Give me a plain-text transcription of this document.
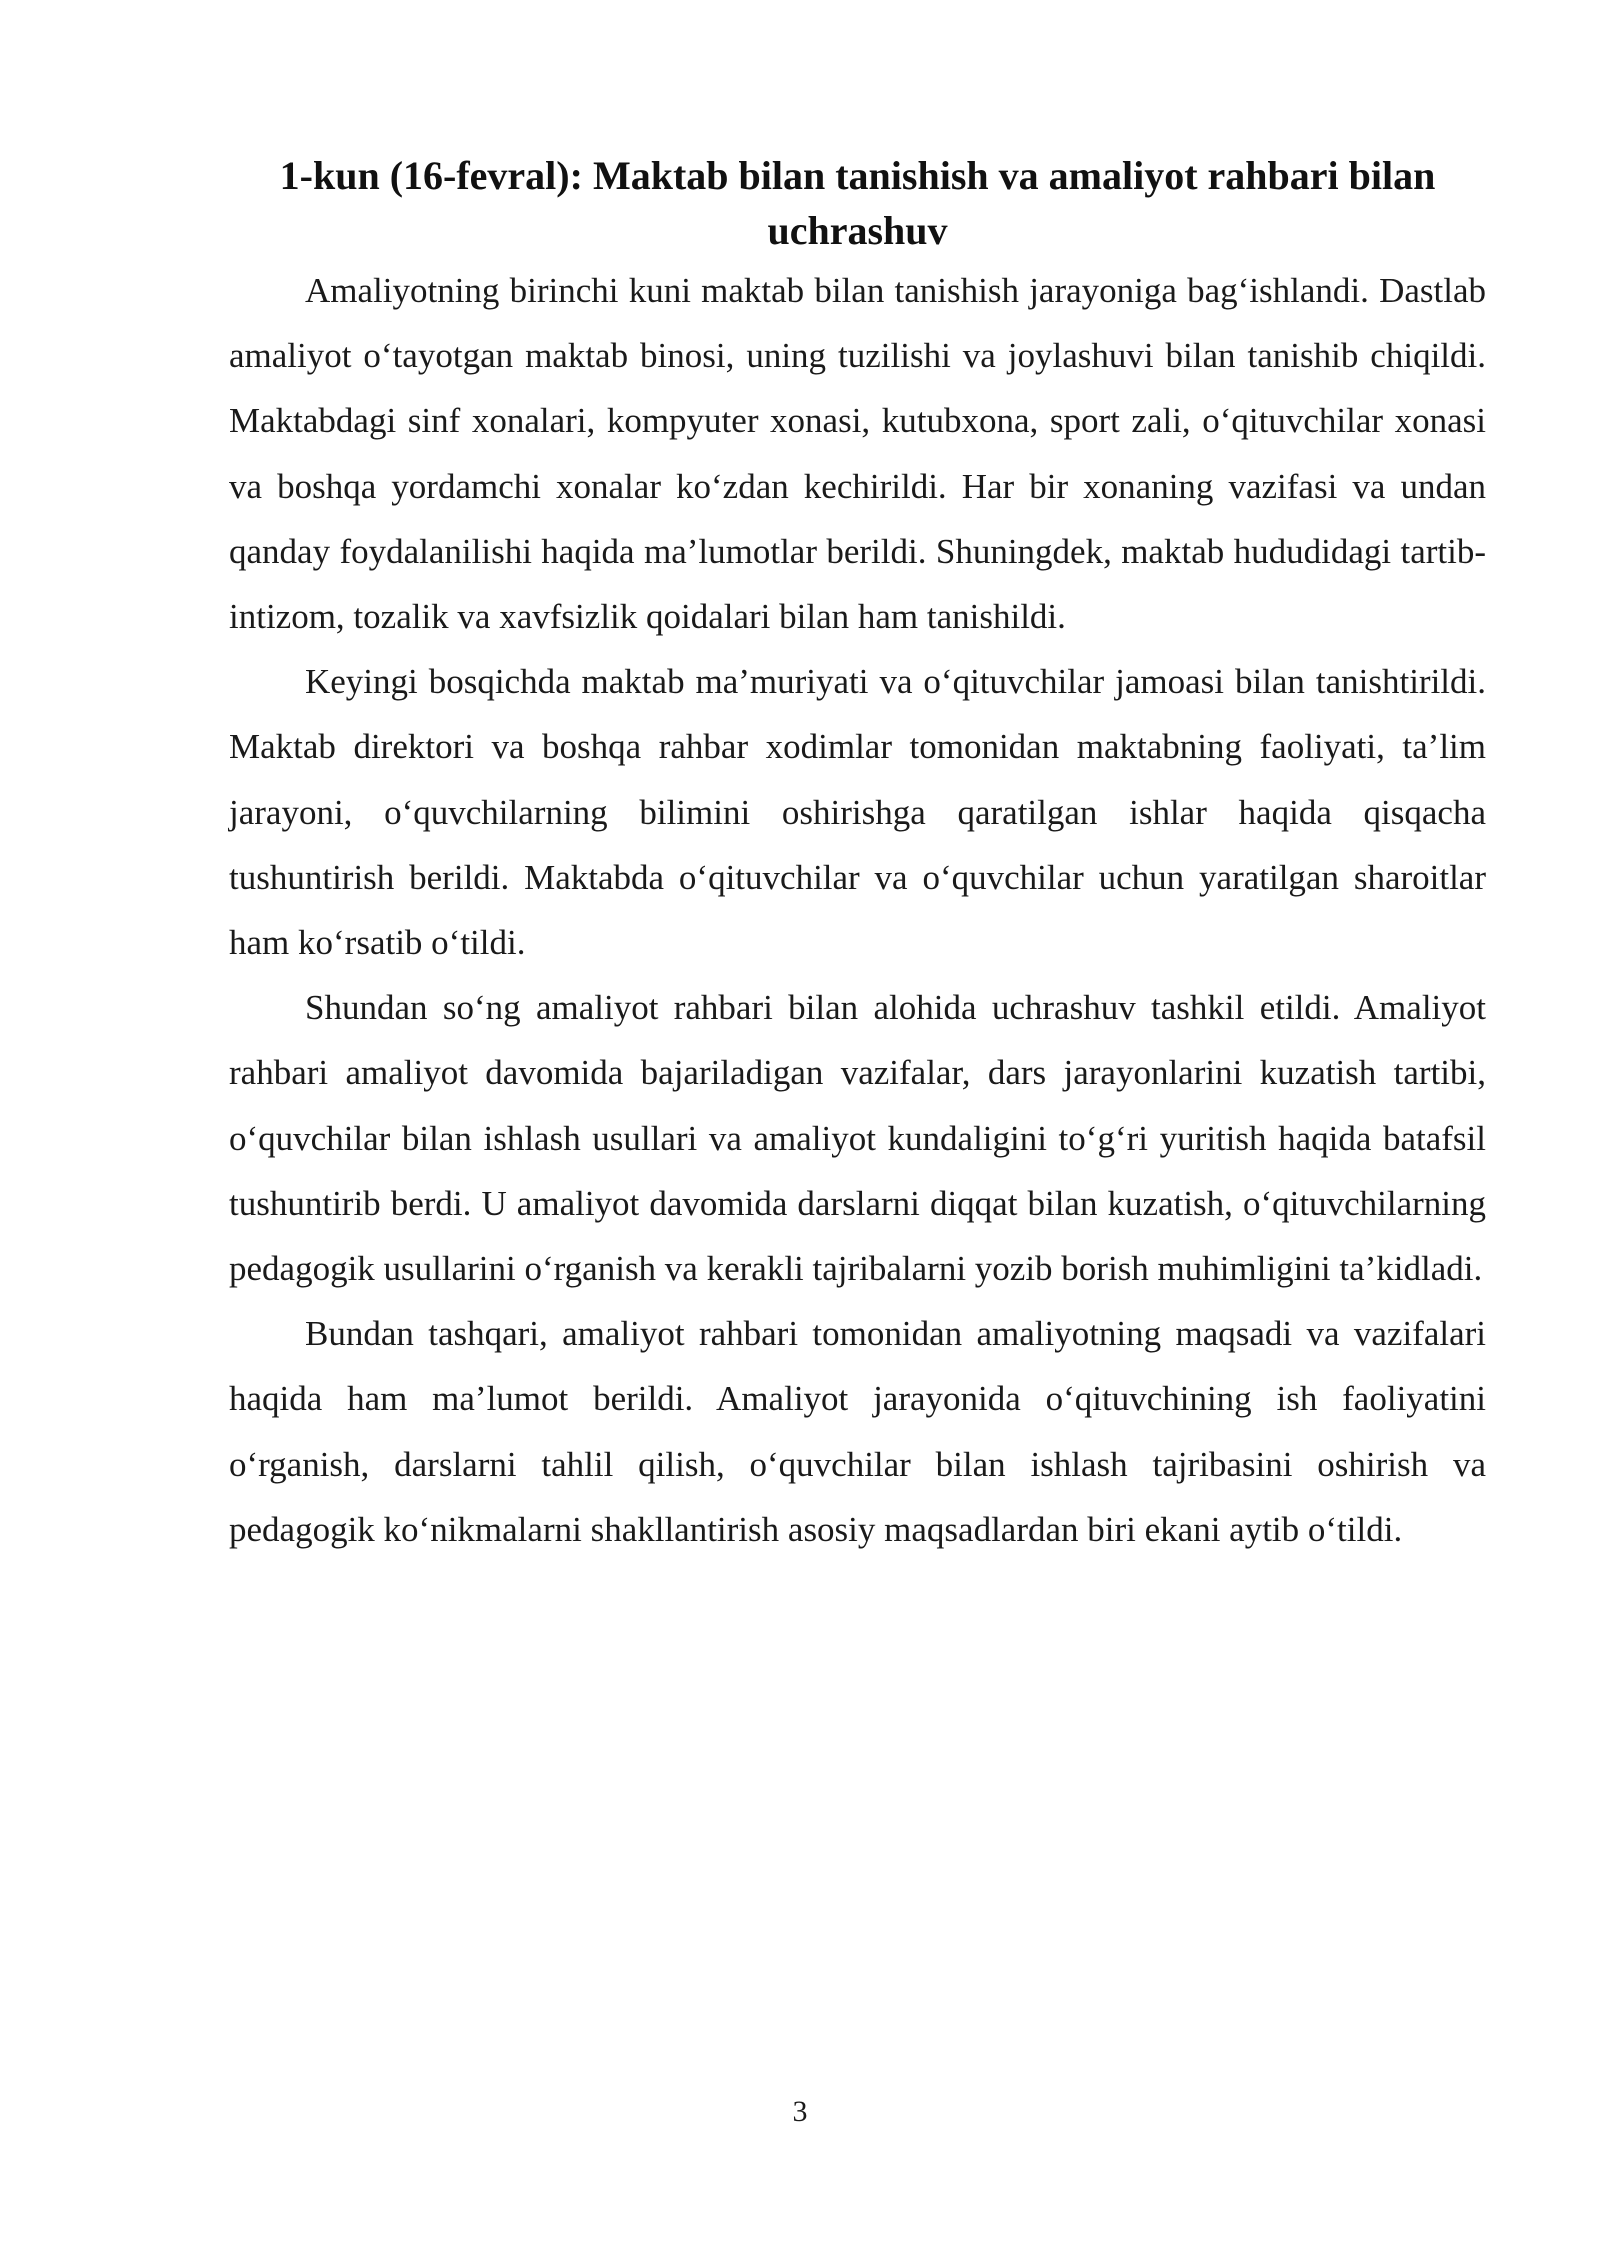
1-kun (16-fevral): Maktab bilan tanishish va amaliyot rahbari bilan uchrashuv

Amaliyotning birinchi kuni maktab bilan tanishish jarayoniga bag‘ishlandi. Dastlab amaliyot o‘tayotgan maktab binosi, uning tuzilishi va joylashuvi bilan tanishib chiqildi. Maktabdagi sinf xonalari, kompyuter xonasi, kutubxona, sport zali, o‘qituvchilar xonasi va boshqa yordamchi xonalar ko‘zdan kechirildi. Har bir xonaning vazifasi va undan qanday foydalanilishi haqida ma’lumotlar berildi. Shuningdek, maktab hududidagi tartib-intizom, tozalik va xavfsizlik qoidalari bilan ham tanishildi.

Keyingi bosqichda maktab ma’muriyati va o‘qituvchilar jamoasi bilan tanishtirildi. Maktab direktori va boshqa rahbar xodimlar tomonidan maktabning faoliyati, ta’lim jarayoni, o‘quvchilarning bilimini oshirishga qaratilgan ishlar haqida qisqacha tushuntirish berildi. Maktabda o‘qituvchilar va o‘quvchilar uchun yaratilgan sharoitlar ham ko‘rsatib o‘tildi.

Shundan so‘ng amaliyot rahbari bilan alohida uchrashuv tashkil etildi. Amaliyot rahbari amaliyot davomida bajariladigan vazifalar, dars jarayonlarini kuzatish tartibi, o‘quvchilar bilan ishlash usullari va amaliyot kundaligini to‘g‘ri yuritish haqida batafsil tushuntirib berdi. U amaliyot davomida darslarni diqqat bilan kuzatish, o‘qituvchilarning pedagogik usullarini o‘rganish va kerakli tajribalarni yozib borish muhimligini ta’kidladi.

Bundan tashqari, amaliyot rahbari tomonidan amaliyotning maqsadi va vazifalari haqida ham ma’lumot berildi. Amaliyot jarayonida o‘qituvchining ish faoliyatini o‘rganish, darslarni tahlil qilish, o‘quvchilar bilan ishlash tajribasini oshirish va pedagogik ko‘nikmalarni shakllantirish asosiy maqsadlardan biri ekani aytib o‘tildi.

3
